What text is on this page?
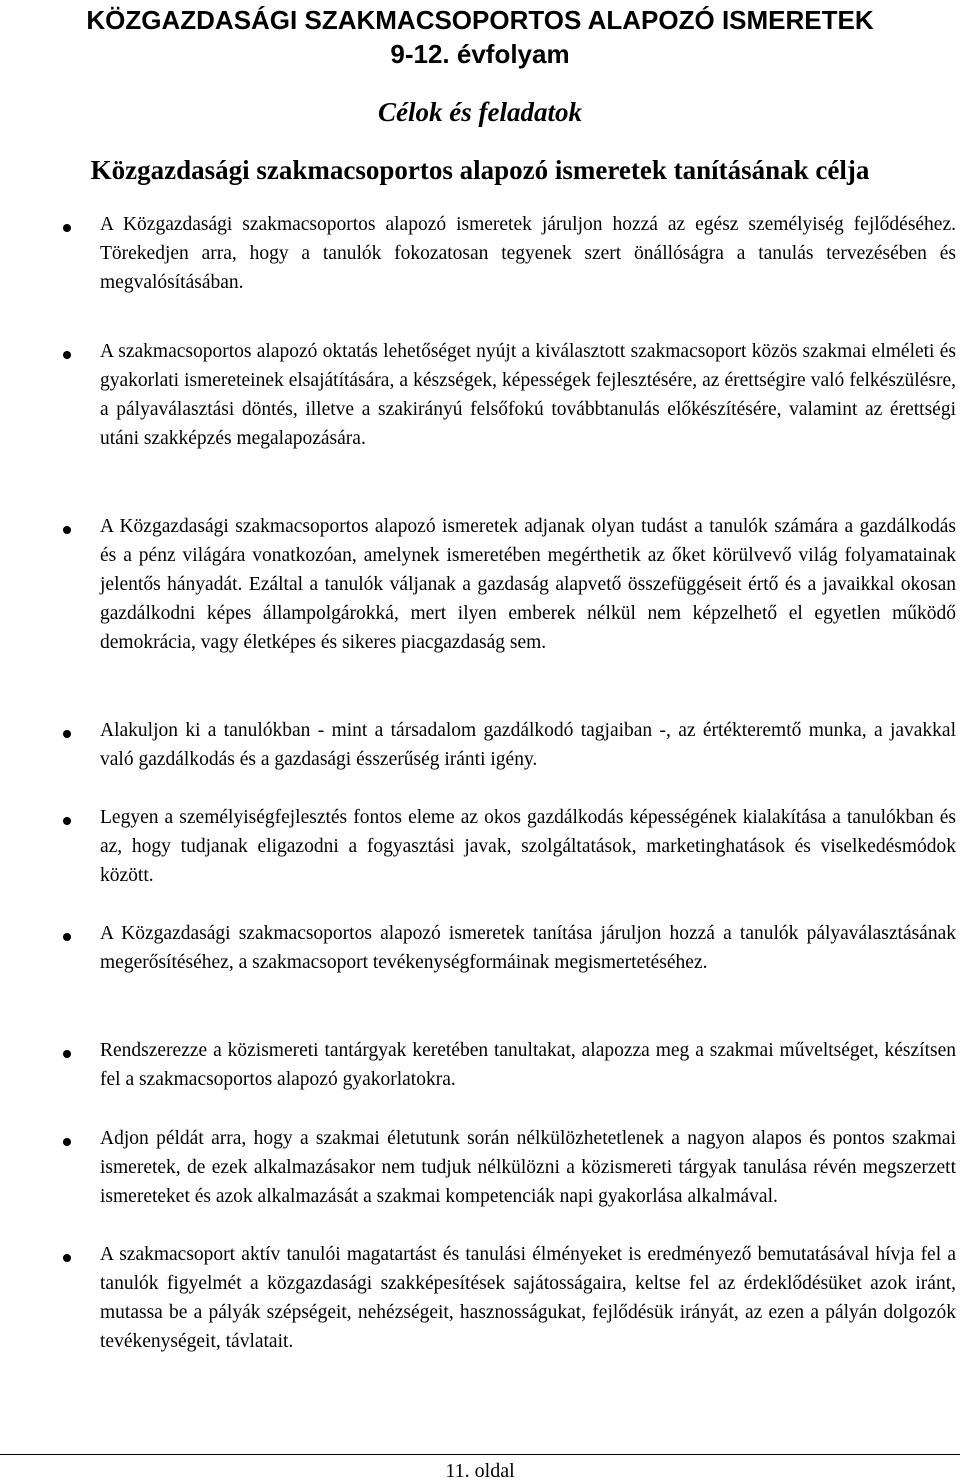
KÖZGAZDASÁGI SZAKMACSOPORTOS ALAPOZÓ ISMERETEK
9-12. évfolyam
Célok és feladatok
Közgazdasági szakmacsoportos alapozó ismeretek tanításának célja

A Közgazdasági szakmacsoportos alapozó ismeretek járuljon hozzá az egész személyiség fejlődéséhez. Törekedjen arra, hogy a tanulók fokozatosan tegyenek szert önállóságra a tanulás tervezésében és megvalósításában.

A szakmacsoportos alapozó oktatás lehetőséget nyújt a kiválasztott szakmacsoport közös szakmai elméleti és gyakorlati ismereteinek elsajátítására, a készségek, képességek fejlesztésére, az érettségire való felkészülésre, a pályaválasztási döntés, illetve a szakirányú felsőfokú továbbtanulás előkészítésére, valamint az érettségi utáni szakképzés megalapozására.

A Közgazdasági szakmacsoportos alapozó ismeretek adjanak olyan tudást a tanulók számára a gazdálkodás és a pénz világára vonatkozóan, amelynek ismeretében megérthetik az őket körülvevő világ folyamatainak jelentős hányadát. Ezáltal a tanulók váljanak a gazdaság alapvető összefüggéseit értő és a javaikkal okosan gazdálkodni képes állampolgárokká, mert ilyen emberek nélkül nem képzelhető el egyetlen működő demokrácia, vagy életképes és sikeres piacgazdaság sem.

Alakuljon ki a tanulókban - mint a társadalom gazdálkodó tagjaiban -, az értékteremtő munka, a javakkal való gazdálkodás és a gazdasági ésszerűség iránti igény.

Legyen a személyiségfejlesztés fontos eleme az okos gazdálkodás képességének kialakítása a tanulókban és az, hogy tudjanak eligazodni a fogyasztási javak, szolgáltatások, marketinghatások és viselkedésmódok között.

A Közgazdasági szakmacsoportos alapozó ismeretek tanítása járuljon hozzá a tanulók pályaválasztásának megerősítéséhez, a szakmacsoport tevékenységformáinak megismertetéséhez.

Rendszerezze a közismereti tantárgyak keretében tanultakat, alapozza meg a szakmai műveltséget, készítsen fel a szakmacsoportos alapozó gyakorlatokra.

Adjon példát arra, hogy a szakmai életutunk során nélkülözhetetlenek a nagyon alapos és pontos szakmai ismeretek, de ezek alkalmazásakor nem tudjuk nélkülözni a közismereti tárgyak tanulása révén megszerzett ismereteket és azok alkalmazását a szakmai kompetenciák napi gyakorlása alkalmával.

A szakmacsoport aktív tanulói magatartást és tanulási élményeket is eredményező bemutatásával hívja fel a tanulók figyelmét a közgazdasági szakképesítések sajátosságaira, keltse fel az érdeklődésüket azok iránt, mutassa be a pályák szépségeit, nehézségeit, hasznosságukat, fejlődésük irányát, az ezen a pályán dolgozók tevékenységeit, távlatait.

11. oldal
